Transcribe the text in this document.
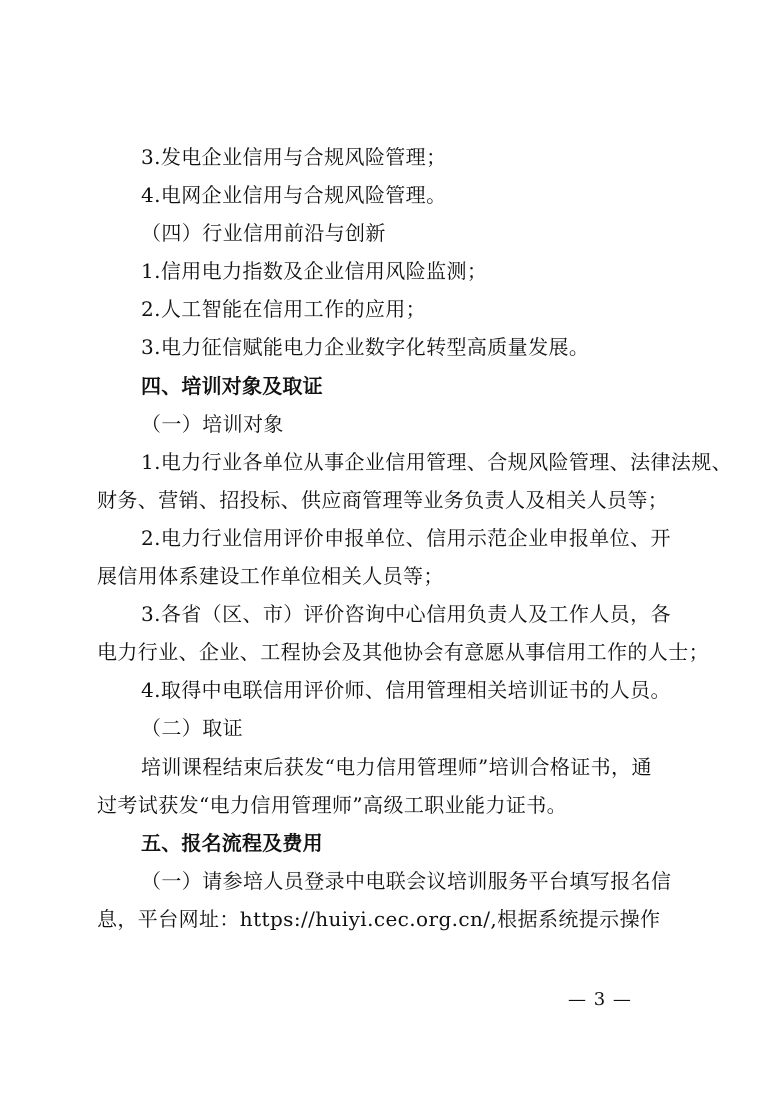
3.发电企业信用与合规风险管理；

4.电网企业信用与合规风险管理。

（四）行业信用前沿与创新

1.信用电力指数及企业信用风险监测；

2.人工智能在信用工作的应用；

3.电力征信赋能电力企业数字化转型高质量发展。

四、培训对象及取证

（一）培训对象

1.电力行业各单位从事企业信用管理、合规风险管理、法律法规、

财务、营销、招投标、供应商管理等业务负责人及相关人员等；

2.电力行业信用评价申报单位、信用示范企业申报单位、开

展信用体系建设工作单位相关人员等；

3.各省（区、市）评价咨询中心信用负责人及工作人员，各

电力行业、企业、工程协会及其他协会有意愿从事信用工作的人士；

4.取得中电联信用评价师、信用管理相关培训证书的人员。

（二）取证

培训课程结束后获发“电力信用管理师”培训合格证书，通

过考试获发“电力信用管理师”高级工职业能力证书。

五、报名流程及费用

（一）请参培人员登录中电联会议培训服务平台填写报名信

息，平台网址：https://huiyi.cec.org.cn/,根据系统提示操作

— 3 —
